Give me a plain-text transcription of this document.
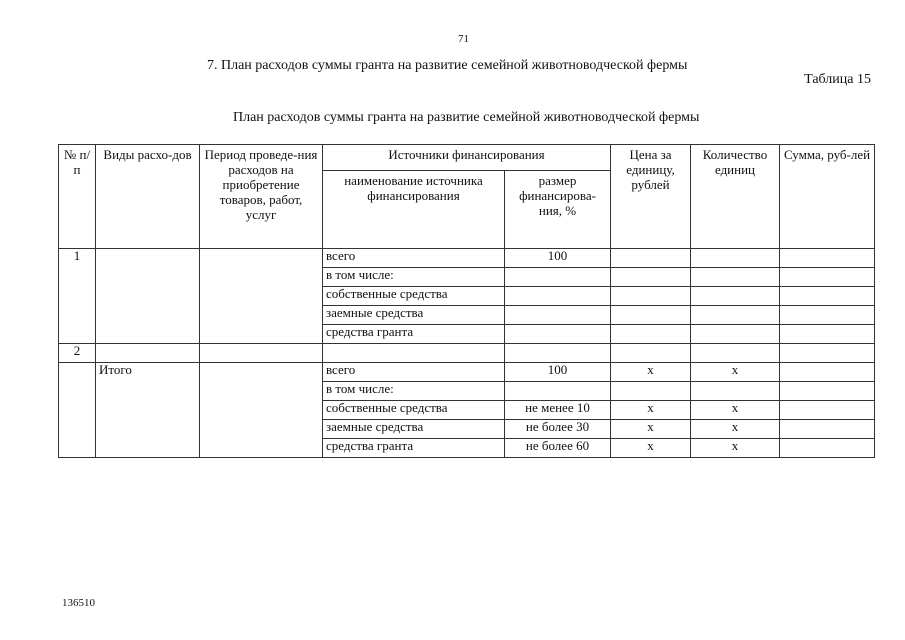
71
7. План расходов суммы гранта на развитие семейной животноводческой фермы
Таблица 15
План расходов суммы гранта на развитие семейной животноводческой фермы
№ п/п	Виды расхо-дов	Период проведе-ния расходов на приобретение товаров, работ, услуг	Источники финансирования		Цена за единицу, рублей	Количество единиц	Сумма, руб-лей
			наименование источника финансирования	размер финансирова-ния, %			
1			всего	100			
			в том числе:				
			собственные средства				
			заемные средства				
			средства гранта				
2							
	Итого		всего	100	x	x	
			в том числе:				
			собственные средства	не менее 10	x	x	
			заемные средства	не более 30	x	x	
			средства гранта	не более 60	x	x	
136510
